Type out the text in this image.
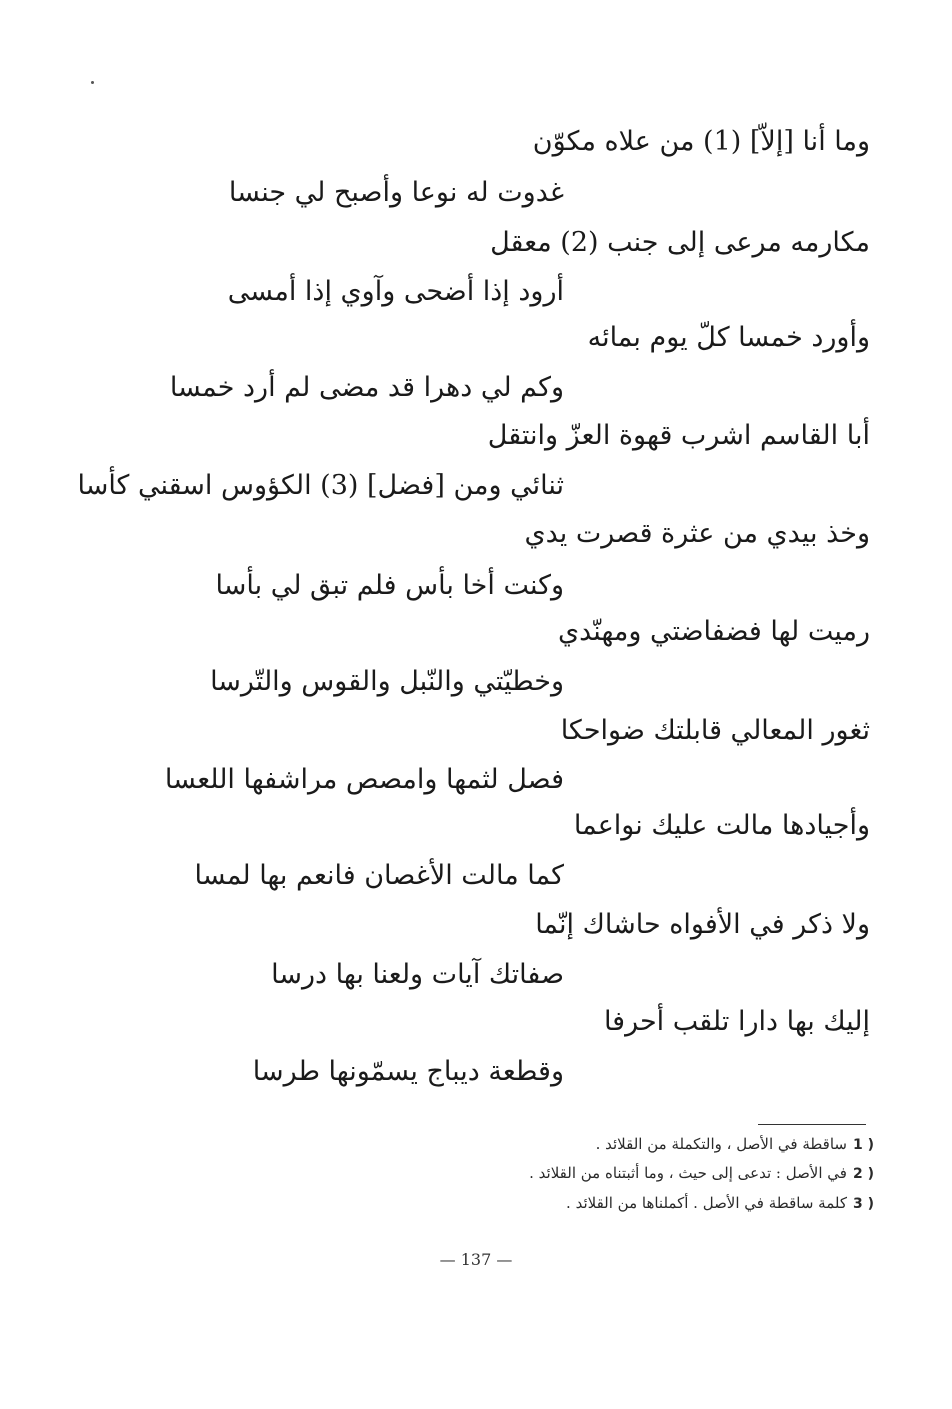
وما أنا [إلاّ] (1) من علاه مكوّن
غدوت له نوعا وأصبح لي جنسا
مكارمه مرعى إلى جنب (2) معقل
أرود إذا أضحى وآوي إذا أمسى
وأورد خمسا كلّ يوم بمائه
وكم لي دهرا قد مضى لم أرد خمسا
أبا القاسم اشرب قهوة العزّ وانتقل
ثنائي ومن [فضل] (3) الكؤوس اسقني كأسا
وخذ بيدي من عثرة قصرت يدي
وكنت أخا بأس فلم تبق لي بأسا
رميت لها فضفاضتي ومهنّدي
وخطيّتي والنّبل والقوس والتّرسا
ثغور المعالي قابلتك ضواحكا
فصل لثمها وامصص مراشفها اللعسا
وأجيادها مالت عليك نواعما
كما مالت الأغصان فانعم بها لمسا
ولا ذكر في الأفواه حاشاك إنّما
صفاتك آيات ولعنا بها درسا
إليك بها دارا تلقب أحرفا
وقطعة ديباج يسمّونها طرسا
1 )ساقطة في الأصل ، والتكملة من القلائد .
2 )في الأصل : تدعى إلى حيث ، وما أثبتناه من القلائد .
3 )كلمة ساقطة في الأصل . أكملناها من القلائد .
— 137 —
